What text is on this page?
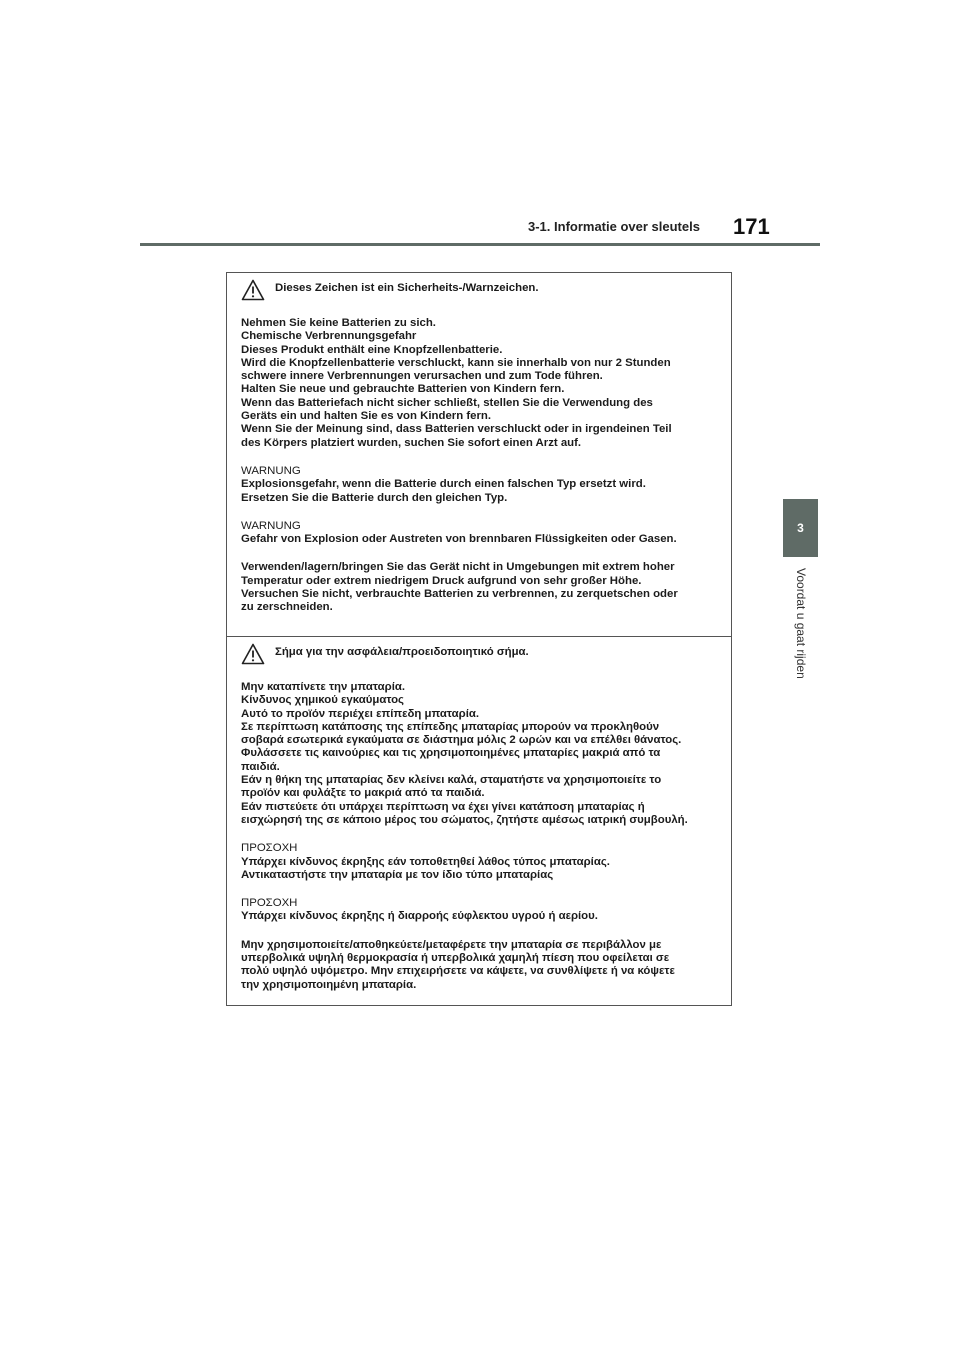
3-1. Informatie over sleutels 171
3
Voordat u gaat rijden
Dieses Zeichen ist ein Sicherheits-/Warnzeichen.
Nehmen Sie keine Batterien zu sich.
Chemische Verbrennungsgefahr
Dieses Produkt enthält eine Knopfzellenbatterie.
Wird die Knopfzellenbatterie verschluckt, kann sie innerhalb von nur 2 Stunden
schwere innere Verbrennungen verursachen und zum Tode führen.
Halten Sie neue und gebrauchte Batterien von Kindern fern.
Wenn das Batteriefach nicht sicher schließt, stellen Sie die Verwendung des
Geräts ein und halten Sie es von Kindern fern.
Wenn Sie der Meinung sind, dass Batterien verschluckt oder in irgendeinen Teil
des Körpers platziert wurden, suchen Sie sofort einen Arzt auf.
WARNUNG
Explosionsgefahr, wenn die Batterie durch einen falschen Typ ersetzt wird.
Ersetzen Sie die Batterie durch den gleichen Typ.
WARNUNG
Gefahr von Explosion oder Austreten von brennbaren Flüssigkeiten oder Gasen.
Verwenden/lagern/bringen Sie das Gerät nicht in Umgebungen mit extrem hoher
Temperatur oder extrem niedrigem Druck aufgrund von sehr großer Höhe.
Versuchen Sie nicht, verbrauchte Batterien zu verbrennen, zu zerquetschen oder
zu zerschneiden.
Σήμα για την ασφάλεια/προειδοποιητικό σήμα.
Μην καταπίνετε την μπαταρία.
Κίνδυνος χημικού εγκαύματος
Αυτό το προϊόν περιέχει επίπεδη μπαταρία.
Σε περίπτωση κατάποσης της επίπεδης μπαταρίας μπορούν να προκληθούν
σοβαρά εσωτερικά εγκαύματα σε διάστημα μόλις 2 ωρών και να επέλθει θάνατος.
Φυλάσσετε τις καινούριες και τις χρησιμοποιημένες μπαταρίες μακριά από τα
παιδιά.
Εάν η θήκη της μπαταρίας δεν κλείνει καλά, σταματήστε να χρησιμοποιείτε το
προϊόν και φυλάξτε το μακριά από τα παιδιά.
Εάν πιστεύετε ότι υπάρχει περίπτωση να έχει γίνει κατάποση μπαταρίας ή
εισχώρησή της σε κάποιο μέρος του σώματος, ζητήστε αμέσως ιατρική συμβουλή.
ΠΡΟΣΟΧΗ
Υπάρχει κίνδυνος έκρηξης εάν τοποθετηθεί λάθος τύπος μπαταρίας.
Αντικαταστήστε την μπαταρία με τον ίδιο τύπο μπαταρίας
ΠΡΟΣΟΧΗ
Υπάρχει κίνδυνος έκρηξης ή διαρροής εύφλεκτου υγρού ή αερίου.
Μην χρησιμοποιείτε/αποθηκεύετε/μεταφέρετε την μπαταρία σε περιβάλλον με
υπερβολικά υψηλή θερμοκρασία ή υπερβολικά χαμηλή πίεση που οφείλεται σε
πολύ υψηλό υψόμετρο. Μην επιχειρήσετε να κάψετε, να συνθλίψετε ή να κόψετε
την χρησιμοποιημένη μπαταρία.
